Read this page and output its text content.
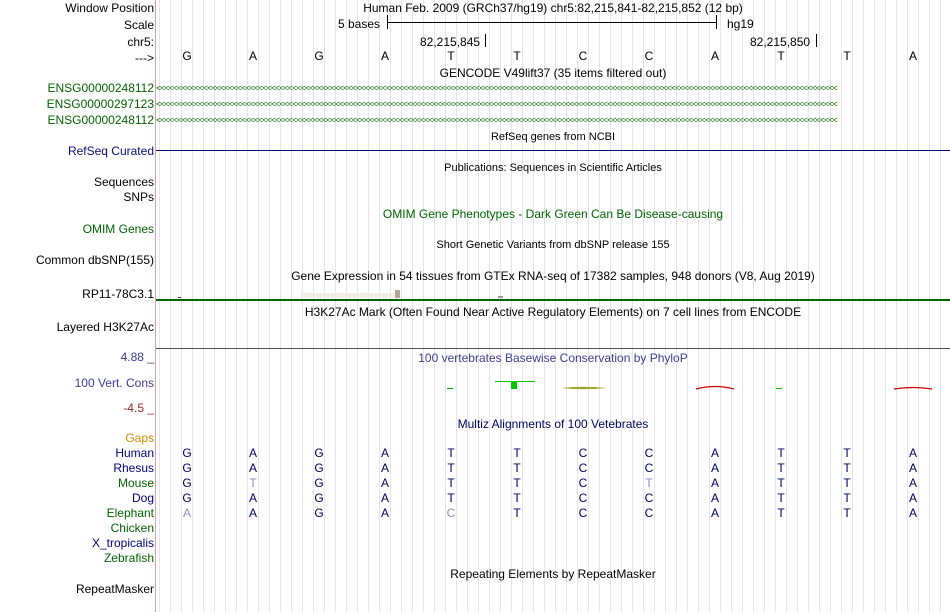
Window Position
Scale
chr5:
--->
Human Feb. 2009 (GRCh37/hg19) chr5:82,215,841-82,215,852 (12 bp)
5 bases	hg19
82,215,845	82,215,850
G	A	G	A	T	T	C	C	A	T	T	A
GENCODE V49lift37 (35 items filtered out)
ENSG00000248112 <<<<<<<<<<<<<<<<<<<<<<<<<<<<<<<<<<<<<<<<<<<<<<<<<<<<<<<<<<<<<<<<<<<<<<<<<<<<<<<<<<<<<<<<<<<<<<<<<<<<<<<<<<<<<<<<<<<<<<<<<<<<<<<<<<<<<<<<<<<<<<<<<<<<<<<<<<<<<<<<
ENSG00000297123 <<<<<<<<<<<<<<<<<<<<<<<<<<<<<<<<<<<<<<<<<<<<<<<<<<<<<<<<<<<<<<<<<<<<<<<<<<<<<<<<<<<<<<<<<<<<<<<<<<<<<<<<<<<<<<<<<<<<<<<<<<<<<<<<<<<<<<<<<<<<<<<<<<<<<<<<<<<<<<<<
ENSG00000248112 <<<<<<<<<<<<<<<<<<<<<<<<<<<<<<<<<<<<<<<<<<<<<<<<<<<<<<<<<<<<<<<<<<<<<<<<<<<<<<<<<<<<<<<<<<<<<<<<<<<<<<<<<<<<<<<<<<<<<<<<<<<<<<<<<<<<<<<<<<<<<<<<<<<<<<<<<<<<<<<<
RefSeq genes from NCBI
RefSeq Curated
Publications: Sequences in Scientific Articles
Sequences
SNPs
OMIM Gene Phenotypes - Dark Green Can Be Disease-causing
OMIM Genes
Short Genetic Variants from dbSNP release 155
Common dbSNP(155)
Gene Expression in 54 tissues from GTEx RNA-seq of 17382 samples, 948 donors (V8, Aug 2019)
RP11-78C3.1
H3K27Ac Mark (Often Found Near Active Regulatory Elements) on 7 cell lines from ENCODE
Layered H3K27Ac
100 vertebrates Basewise Conservation by PhyloP
4.88 _
100 Vert. Cons
-4.5 _
Multiz Alignments of 100 Vetebrates
Gaps
Human	G	A	G	A	T	T	C	C	A	T	T	A
Rhesus	G	A	G	A	T	T	C	C	A	T	T	A
Mouse	G	T	G	A	T	T	C	T	A	T	T	A
Dog	G	A	G	A	T	T	C	C	A	T	T	A
Elephant	A	A	G	A	C	T	C	C	A	T	T	A
Chicken
X_tropicalis
Zebrafish
Repeating Elements by RepeatMasker
RepeatMasker
